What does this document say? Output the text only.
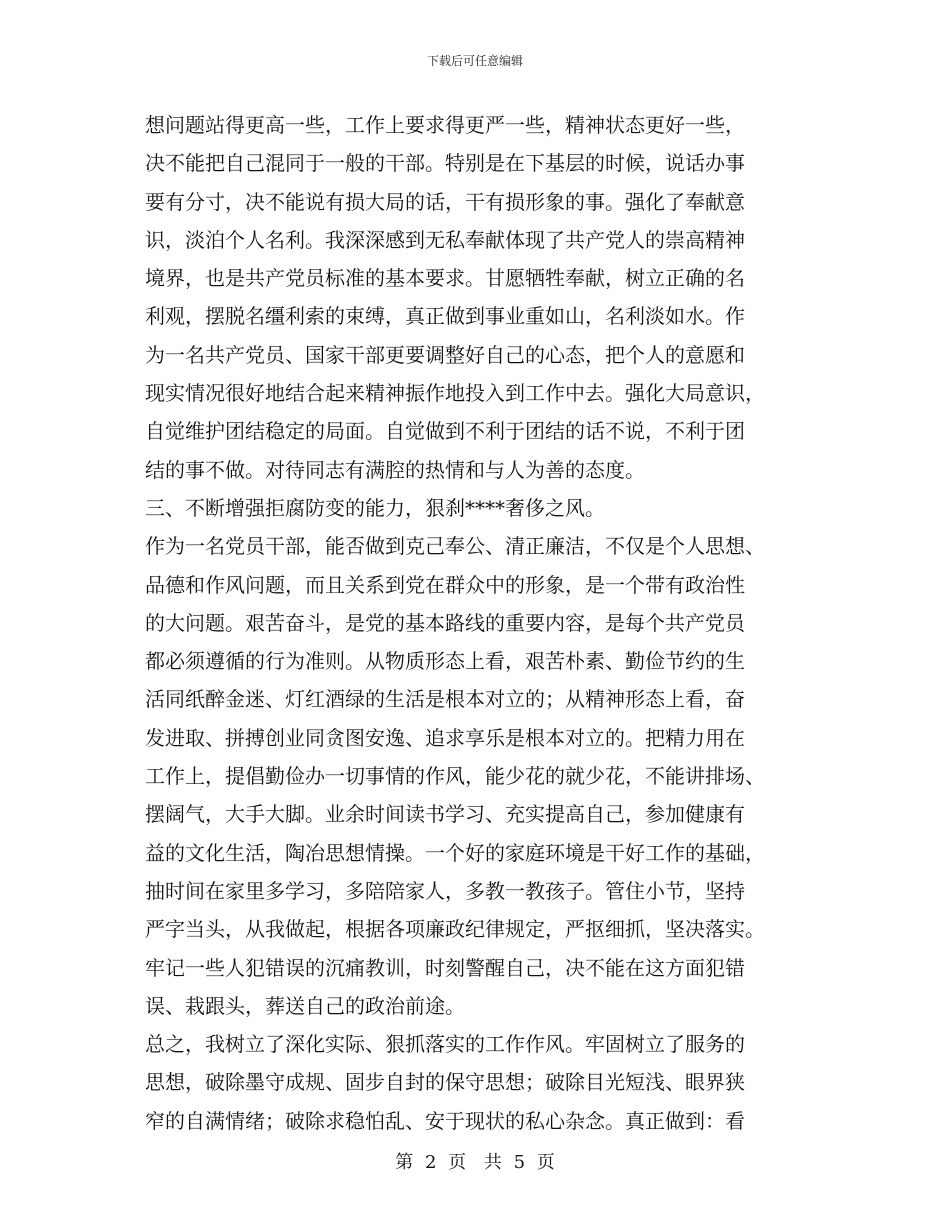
下载后可任意编辑
想问题站得更高一些，工作上要求得更严一些，精神状态更好一些，
决不能把自己混同于一般的干部。特别是在下基层的时候，说话办事
要有分寸，决不能说有损大局的话，干有损形象的事。强化了奉献意
识，淡泊个人名利。我深深感到无私奉献体现了共产党人的崇高精神
境界，也是共产党员标准的基本要求。甘愿牺牲奉献，树立正确的名
利观，摆脱名缰利索的束缚，真正做到事业重如山，名利淡如水。作
为一名共产党员、国家干部更要调整好自己的心态，把个人的意愿和
现实情况很好地结合起来精神振作地投入到工作中去。强化大局意识，
自觉维护团结稳定的局面。自觉做到不利于团结的话不说，不利于团
结的事不做。对待同志有满腔的热情和与人为善的态度。
三、不断增强拒腐防变的能力，狠刹****奢侈之风。
作为一名党员干部，能否做到克己奉公、清正廉洁，不仅是个人思想、
品德和作风问题，而且关系到党在群众中的形象，是一个带有政治性
的大问题。艰苦奋斗，是党的基本路线的重要内容，是每个共产党员
都必须遵循的行为准则。从物质形态上看，艰苦朴素、勤俭节约的生
活同纸醉金迷、灯红酒绿的生活是根本对立的；从精神形态上看，奋
发进取、拼搏创业同贪图安逸、追求享乐是根本对立的。把精力用在
工作上，提倡勤俭办一切事情的作风，能少花的就少花，不能讲排场、
摆阔气，大手大脚。业余时间读书学习、充实提高自己，参加健康有
益的文化生活，陶冶思想情操。一个好的家庭环境是干好工作的基础，
抽时间在家里多学习，多陪陪家人，多教一教孩子。管住小节，坚持
严字当头，从我做起，根据各项廉政纪律规定，严抠细抓，坚决落实。
牢记一些人犯错误的沉痛教训，时刻警醒自己，决不能在这方面犯错
误、栽跟头，葬送自己的政治前途。
总之，我树立了深化实际、狠抓落实的工作作风。牢固树立了服务的
思想，破除墨守成规、固步自封的保守思想；破除目光短浅、眼界狭
窄的自满情绪；破除求稳怕乱、安于现状的私心杂念。真正做到：看
第 2 页 共 5 页
